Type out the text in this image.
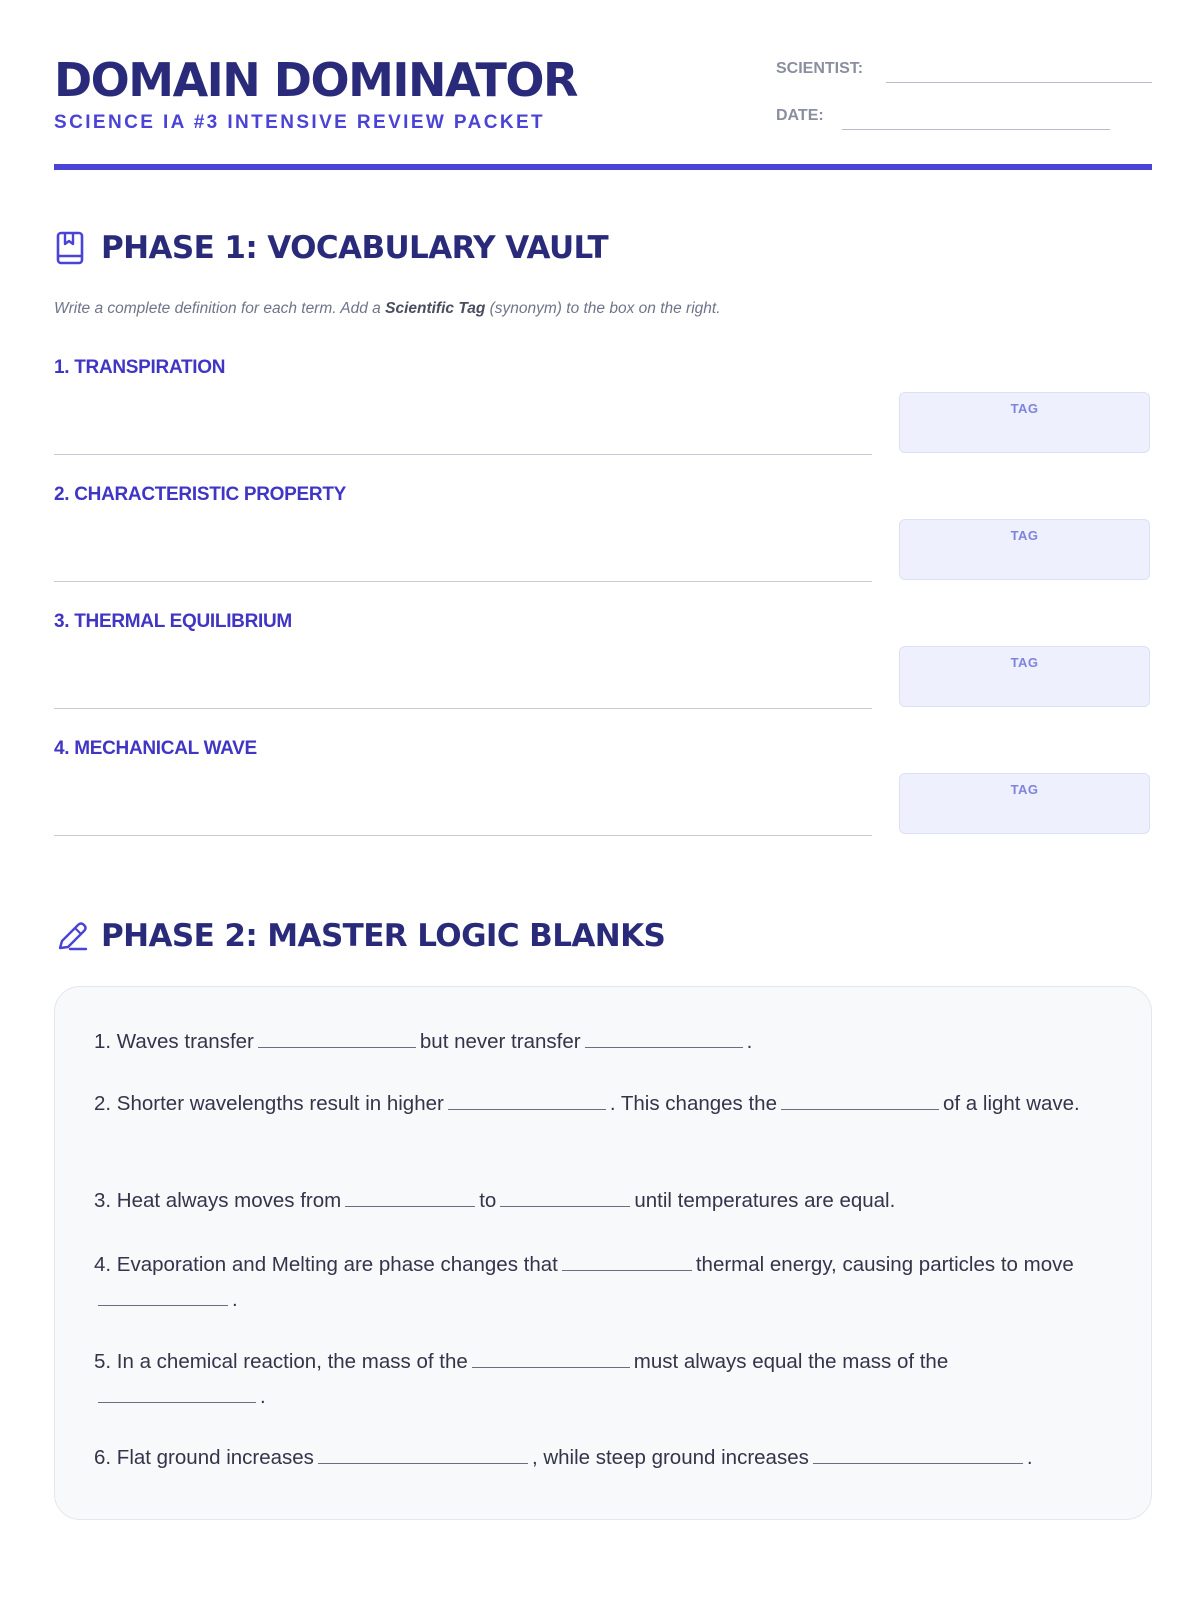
DOMAIN DOMINATOR
SCIENCE IA #3 INTENSIVE REVIEW PACKET
SCIENTIST:
DATE:
PHASE 1: VOCABULARY VAULT
Write a complete definition for each term. Add a Scientific Tag (synonym) to the box on the right.
1. TRANSPIRATION
TAG
2. CHARACTERISTIC PROPERTY
TAG
3. THERMAL EQUILIBRIUM
TAG
4. MECHANICAL WAVE
TAG
PHASE 2: MASTER LOGIC BLANKS
1. Waves transfer	but never transfer	.
2. Shorter wavelengths result in higher	. This changes the	of a light wave.
3. Heat always moves from	to	until temperatures are equal.
4. Evaporation and Melting are phase changes that	thermal energy, causing particles to move.
5. In a chemical reaction, the mass of the	must always equal the mass of the.
6. Flat ground increases	, while steep ground increases	.
